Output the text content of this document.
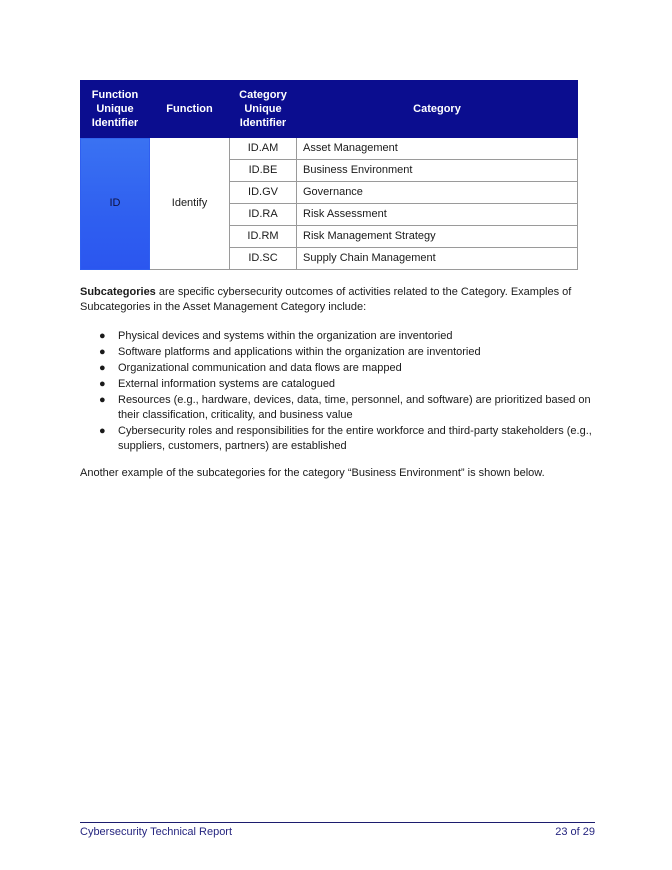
Function Unique Identifier	Function	Category Unique Identifier	Category
ID	Identify	ID.AM	Asset Management
		ID.BE	Business Environment
		ID.GV	Governance
		ID.RA	Risk Assessment
		ID.RM	Risk Management Strategy
		ID.SC	Supply Chain Management

Subcategories are specific cybersecurity outcomes of activities related to the Category. Examples of Subcategories in the Asset Management Category include:

● Physical devices and systems within the organization are inventoried
● Software platforms and applications within the organization are inventoried
● Organizational communication and data flows are mapped
● External information systems are catalogued
● Resources (e.g., hardware, devices, data, time, personnel, and software) are prioritized based on their classification, criticality, and business value
● Cybersecurity roles and responsibilities for the entire workforce and third-party stakeholders (e.g., suppliers, customers, partners) are established

Another example of the subcategories for the category “Business Environment” is shown below.

Cybersecurity Technical Report	23 of 29
